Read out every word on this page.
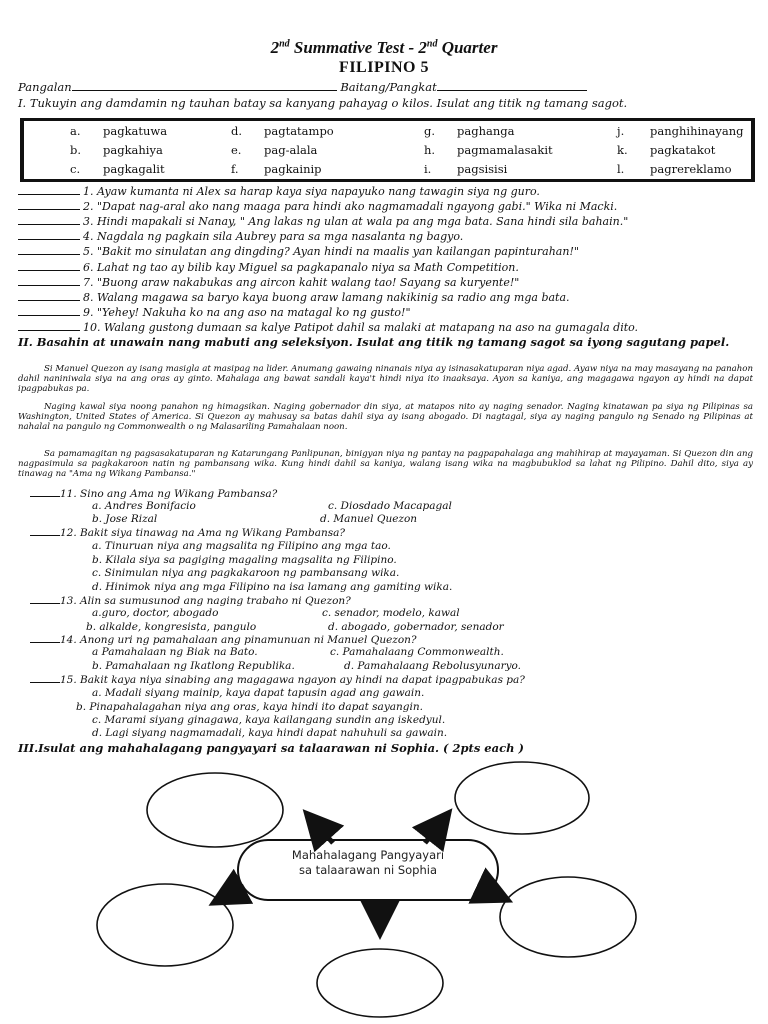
2nd Summative Test - 2nd Quarter
FILIPINO 5
Pangalan	Baitang/Pangkat
I. Tukuyin ang damdamin ng tauhan batay sa kanyang pahayag o kilos. Isulat ang titik ng tamang sagot.
a. pagkatuwa	d. pagtatampo	g. paghanga	j. panghihinayang
b. pagkahiya	e. pag-alala	h. pagmamalasakit	k. pagkatakot
c. pagkagalit	f. pagkainip	i. pagsisisi	l. pagrereklamo
1. Ayaw kumanta ni Alex sa harap kaya siya napayuko nang tawagin siya ng guro.
2. "Dapat nag-aral ako nang maaga para hindi ako nagmamadali ngayong gabi." Wika ni Macki.
3. Hindi mapakali si Nanay, " Ang lakas ng ulan at wala pa ang mga bata. Sana hindi sila bahain."
4. Nagdala ng pagkain sila Aubrey para sa mga nasalanta ng bagyo.
5. "Bakit mo sinulatan ang dingding? Ayan hindi na maalis yan kailangan papinturahan!"
6. Lahat ng tao ay bilib kay Miguel sa pagkapanalo niya sa Math Competition.
7. "Buong araw nakabukas ang aircon kahit walang tao! Sayang sa kuryente!"
8. Walang magawa sa baryo kaya buong araw lamang nakikinig sa radio ang mga bata.
9. "Yehey! Nakuha ko na ang aso na matagal ko ng gusto!"
10. Walang gustong dumaan sa kalye Patipot dahil sa malaki at matapang na aso na gumagala dito.
II. Basahin at unawain nang mabuti ang seleksiyon. Isulat ang titik ng tamang sagot sa iyong sagutang papel.
Si Manuel Quezon ay isang masigla at masipag na lider. Anumang gawaing ninanais niya ay isinasakatuparan niya agad. Ayaw niya na may masayang na panahon dahil naniniwala siya na ang oras ay ginto. Mahalaga ang bawat sandali kaya't hindi niya ito inaaksaya. Ayon sa kaniya, ang magagawa ngayon ay hindi na dapat ipagpabukas pa.
Naging kawal siya noong panahon ng himagsikan. Naging gobernador din siya, at matapos nito ay naging senador. Naging kinatawan pa siya ng Pilipinas sa Washington, United States of America. Si Quezon ay mahusay sa batas dahil siya ay isang abogado. Di nagtagal, siya ay naging pangulo ng Senado ng Pilipinas at nahalal na pangulo ng Commonwealth o ng Malasariling Pamahalaan noon.
Sa pamamagitan ng pagsasakatuparan ng Katarungang Panlipunan, binigyan niya ng pantay na pagpapahalaga ang mahihirap at mayayaman. Si Quezon din ang nagpasimula sa pagkakaroon natin ng pambansang wika. Kung hindi dahil sa kaniya, walang isang wika na magbubuklod sa lahat ng Pilipino. Dahil dito, siya ay tinawag na "Ama ng Wikang Pambansa."
11. Sino ang Ama ng Wikang Pambansa?
a. Andres Bonifacio	c. Diosdado Macapagal
b. Jose Rizal	d. Manuel Quezon
12. Bakit siya tinawag na Ama ng Wikang Pambansa?
a. Tinuruan niya ang magsalita ng Filipino ang mga tao.
b. Kilala siya sa pagiging magaling magsalita ng Filipino.
c. Sinimulan niya ang pagkakaroon ng pambansang wika.
d. Hinimok niya ang mga Filipino na isa lamang ang gamiting wika.
13. Alin sa sumusunod ang naging trabaho ni Quezon?
a.guro, doctor, abogado	c. senador, modelo, kawal
b. alkalde, kongresista, pangulo	d. abogado, gobernador, senador
14. Anong uri ng pamahalaan ang pinamunuan ni Manuel Quezon?
a Pamahalaan ng Biak na Bato.	c. Pamahalaang Commonwealth.
b. Pamahalaan ng Ikatlong Republika.	d. Pamahalaang Rebolusyunaryo.
15. Bakit kaya niya sinabing ang magagawa ngayon ay hindi na dapat ipagpabukas pa?
a. Madali siyang mainip, kaya dapat tapusin agad ang gawain.
b. Pinapahalagahan niya ang oras, kaya hindi ito dapat sayangin.
c. Marami siyang ginagawa, kaya kailangang sundin ang iskedyul.
d. Lagi siyang nagmamadali, kaya hindi dapat nahuhuli sa gawain.
III.Isulat ang mahahalagang pangyayari sa talaarawan ni Sophia. ( 2pts each )
Mahahalagang Pangyayari
sa talaarawan ni Sophia
